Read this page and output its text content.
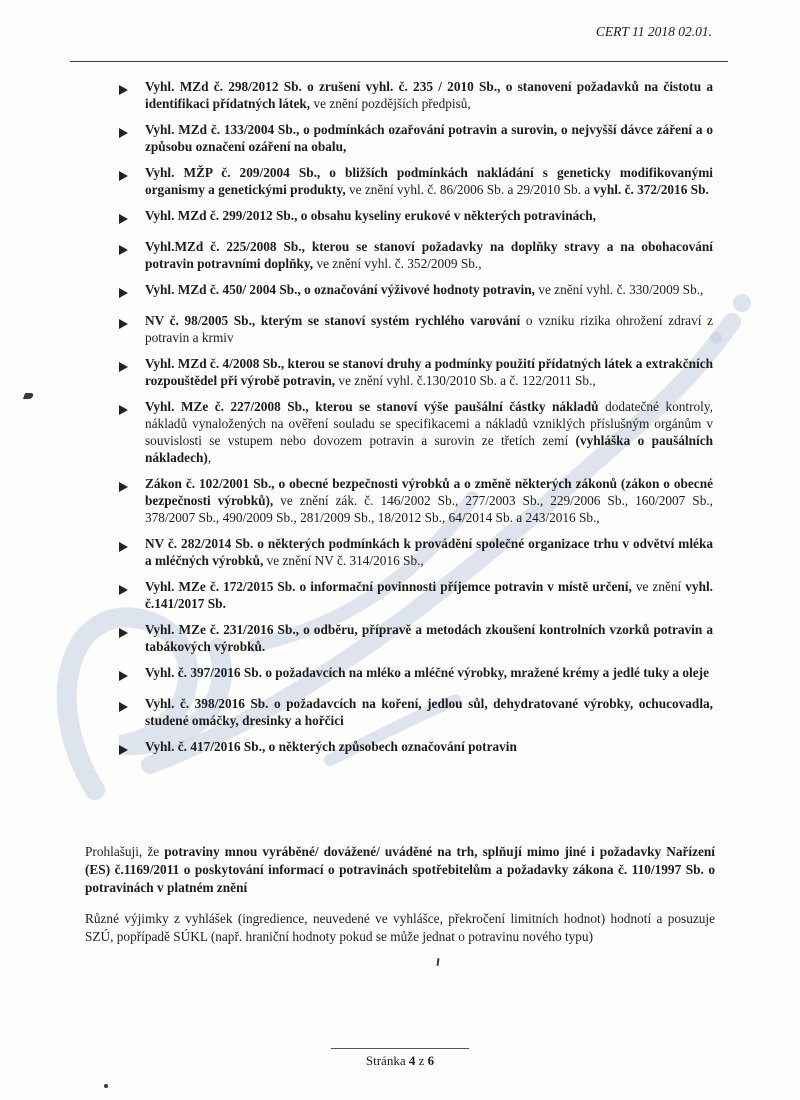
CERT 11 2018 02.01.
Vyhl. MZd č. 298/2012 Sb. o zrušení vyhl. č. 235 / 2010 Sb., o stanovení požadavků na čistotu a identifikaci přídatných látek, ve znění pozdějších předpisů,
Vyhl. MZd č. 133/2004 Sb., o podmínkách ozařování potravin a surovin, o nejvyšší dávce záření a o způsobu označení ozáření na obalu,
Vyhl. MŽP č. 209/2004 Sb., o bližších podmínkách nakládání s geneticky modifikovanými organismy a genetickými produkty, ve znění vyhl. č. 86/2006 Sb. a 29/2010 Sb. a vyhl. č. 372/2016 Sb.
Vyhl. MZd č. 299/2012 Sb., o obsahu kyseliny erukové v některých potravinách,
Vyhl.MZd č. 225/2008 Sb., kterou se stanoví požadavky na doplňky stravy a na obohacování potravin potravními doplňky, ve znění vyhl. č. 352/2009 Sb.,
Vyhl. MZd č. 450/ 2004 Sb., o označování výživové hodnoty potravin, ve znění vyhl. č. 330/2009 Sb.,
NV č. 98/2005 Sb., kterým se stanoví systém rychlého varování o vzniku rizika ohrožení zdraví z potravin a krmiv
Vyhl. MZd č. 4/2008 Sb., kterou se stanoví druhy a podmínky použití přídatných látek a extrakčních rozpouštědel při výrobě potravin, ve znění vyhl. č.130/2010 Sb. a č. 122/2011 Sb.,
Vyhl. MZe č. 227/2008 Sb., kterou se stanoví výše paušální částky nákladů dodatečné kontroly, nákladů vynaložených na ověření souladu se specifikacemi a nákladů vzniklých příslušným orgánům v souvislosti se vstupem nebo dovozem potravin a surovin ze třetích zemí (vyhláška o paušálních nákladech),
Zákon č. 102/2001 Sb., o obecné bezpečnosti výrobků a o změně některých zákonů (zákon o obecné bezpečnosti výrobků), ve znění zák. č. 146/2002 Sb., 277/2003 Sb., 229/2006 Sb., 160/2007 Sb., 378/2007 Sb., 490/2009 Sb., 281/2009 Sb., 18/2012 Sb., 64/2014 Sb. a 243/2016 Sb.,
NV č. 282/2014 Sb. o některých podmínkách k provádění společné organizace trhu v odvětví mléka a mléčných výrobků, ve znění NV č. 314/2016 Sb.,
Vyhl. MZe č. 172/2015 Sb. o informační povinnosti příjemce potravin v místě určení, ve znění vyhl. č.141/2017 Sb.
Vyhl. MZe č. 231/2016 Sb., o odběru, přípravě a metodách zkoušení kontrolních vzorků potravin a tabákových výrobků.
Vyhl. č. 397/2016 Sb. o požadavcích na mléko a mléčné výrobky, mražené krémy a jedlé tuky a oleje
Vyhl. č. 398/2016 Sb. o požadavcích na koření, jedlou sůl, dehydratované výrobky, ochucovadla, studené omáčky, dresinky a hořčici
Vyhl. č. 417/2016 Sb., o některých způsobech označování potravin

Prohlašuji, že potraviny mnou vyráběné/ dovážené/ uváděné na trh, splňují mimo jiné i požadavky Nařízení (ES) č.1169/2011 o poskytování informací o potravinách spotřebitelům a požadavky zákona č. 110/1997 Sb. o potravinách v platném znění

Různé výjimky z vyhlášek (ingredience, neuvedené ve vyhlášce, překročení limitních hodnot) hodnotí a posuzuje SZÚ, popřípadě SÚKL (např. hraniční hodnoty pokud se může jednat o potravinu nového typu)

Stránka 4 z 6
